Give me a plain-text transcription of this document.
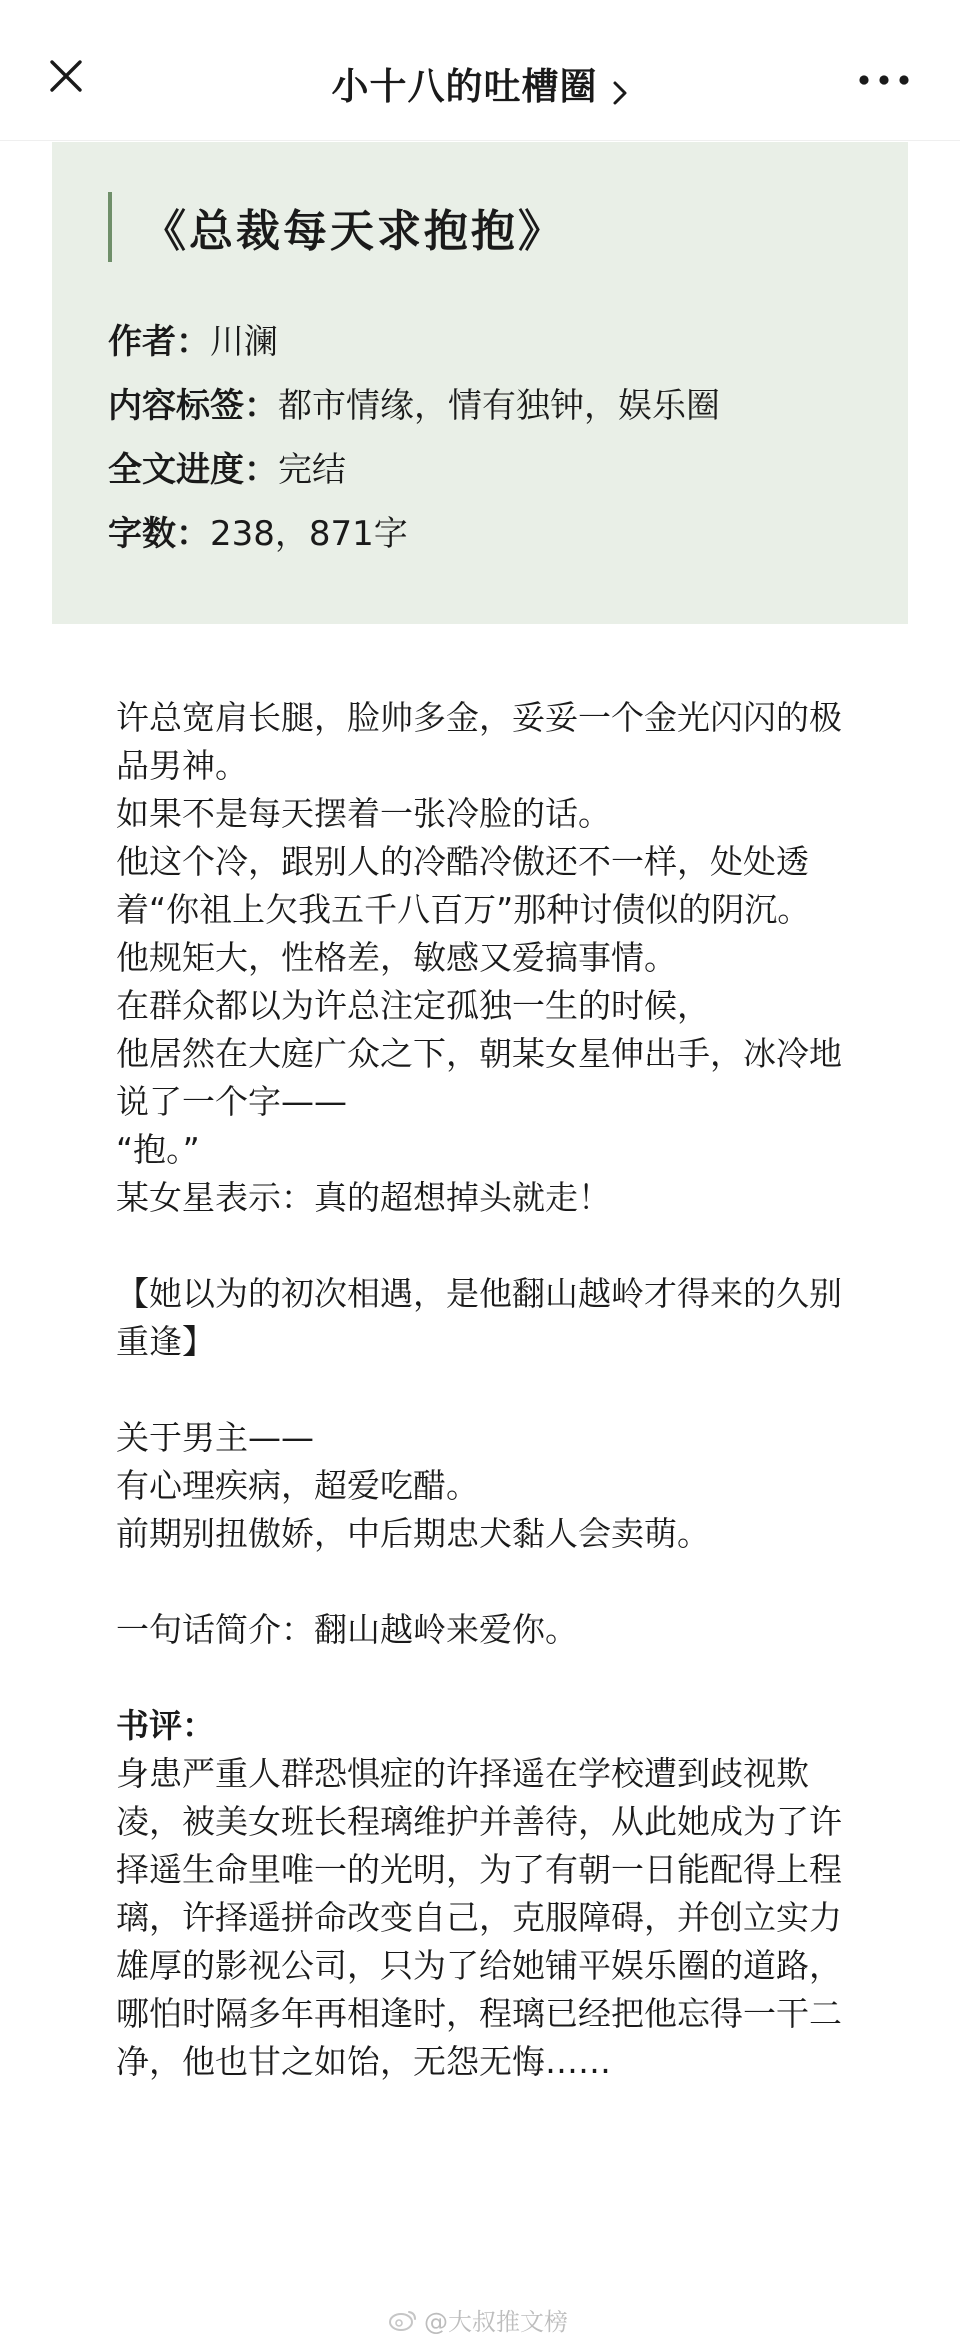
小十八的吐槽圈
《总裁每天求抱抱》
作者：川澜
内容标签：都市情缘，情有独钟，娱乐圈
全文进度：完结
字数：238，871字

许总宽肩长腿，脸帅多金，妥妥一个金光闪闪的极品男神。

如果不是每天摆着一张冷脸的话。

他这个冷，跟别人的冷酷冷傲还不一样，处处透着“你祖上欠我五千八百万”那种讨债似的阴沉。

他规矩大，性格差，敏感又爱搞事情。

在群众都以为许总注定孤独一生的时候，

他居然在大庭广众之下，朝某女星伸出手，冰冷地说了一个字——

“抱。”

某女星表示：真的超想掉头就走！

【她以为的初次相遇，是他翻山越岭才得来的久别重逢】

关于男主——

有心理疾病，超爱吃醋。

前期别扭傲娇，中后期忠犬黏人会卖萌。

一句话简介：翻山越岭来爱你。

书评：

身患严重人群恐惧症的许择遥在学校遭到歧视欺凌，被美女班长程璃维护并善待，从此她成为了许择遥生命里唯一的光明，为了有朝一日能配得上程璃，许择遥拼命改变自己，克服障碍，并创立实力雄厚的影视公司，只为了给她铺平娱乐圈的道路，哪怕时隔多年再相逢时，程璃已经把他忘得一干二净，他也甘之如饴，无怨无悔……

@大叔推文榜
